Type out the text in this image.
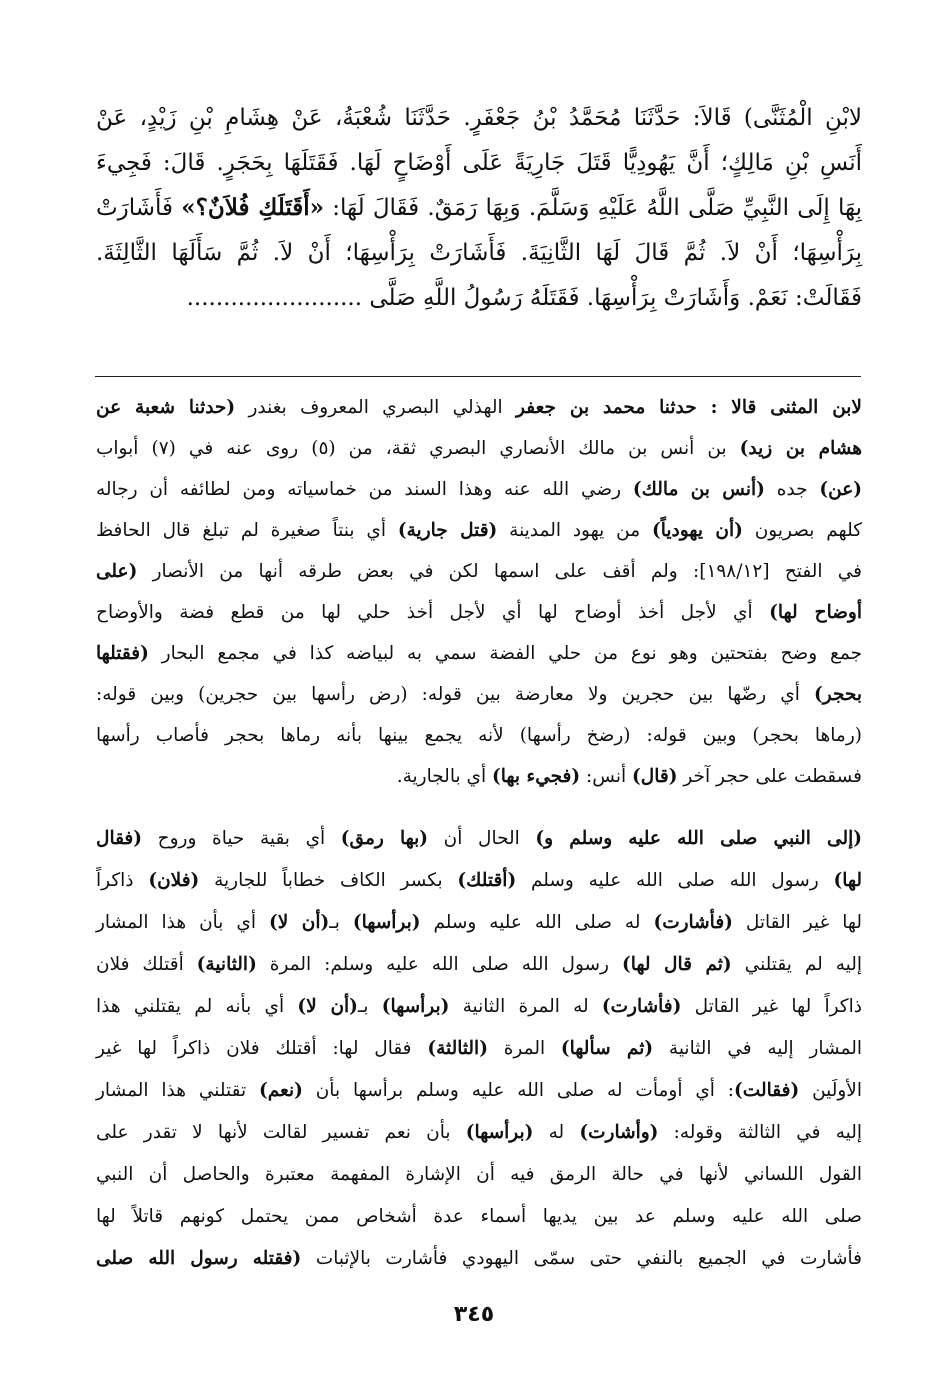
لابْنِ الْمُثَنَّى) قَالاَ: حَدَّثَنَا مُحَمَّدُ بْنُ جَعْفَرٍ. حَدَّثَنَا شُعْبَةُ، عَنْ هِشَامِ بْنِ زَيْدٍ، عَنْ
أَنَسِ بْنِ مَالِكٍ؛ أَنَّ يَهُودِيًّا قَتَلَ جَارِيَةً عَلَى أَوْضَاحٍ لَهَا. فَقَتَلَهَا بِحَجَرٍ. قَالَ: فَجِيءَ
بِهَا إِلَى النَّبِيِّ صَلَّى اللَّهُ عَلَيْهِ وَسَلَّمَ. وَبِهَا رَمَقٌ. فَقَالَ لَهَا: «أَقَتَلَكِ فُلاَنٌ؟» فَأَشَارَتْ
بِرَأْسِهَا؛ أَنْ لاَ. ثُمَّ قَالَ لَهَا الثَّانِيَةَ. فَأَشَارَتْ بِرَأْسِهَا؛ أَنْ لاَ. ثُمَّ سَأَلَهَا الثَّالِثَةَ.
فَقَالَتْ: نَعَمْ. وَأَشَارَتْ بِرَأْسِهَا. فَقَتَلَهُ رَسُولُ اللَّهِ صَلَّى ........................
لابن المثنى قالا : حدثنا محمد بن جعفر الهذلي البصري المعروف بغندر (حدثنا شعبة عن
هشام بن زيد) بن أنس بن مالك الأنصاري البصري ثقة، من (٥) روى عنه في (٧) أبواب
(عن) جده (أنس بن مالك) رضي الله عنه وهذا السند من خماسياته ومن لطائفه أن رجاله
كلهم بصريون (أن يهودياً) من يهود المدينة (قتل جارية) أي بنتاً صغيرة لم تبلغ قال الحافظ
في الفتح [١٩٨/١٢]: ولم أقف على اسمها لكن في بعض طرقه أنها من الأنصار (على
أوضاح لها) أي لأجل أخذ أوضاح لها أي لأجل أخذ حلي لها من قطع فضة والأوضاح
جمع وضح بفتحتين وهو نوع من حلي الفضة سمي به لبياضه كذا في مجمع البحار (فقتلها
بحجر) أي رضّها بين حجرين ولا معارضة بين قوله: (رض رأسها بين حجرين) وبين قوله:
(رماها بحجر) وبين قوله: (رضخ رأسها) لأنه يجمع بينها بأنه رماها بحجر فأصاب رأسها
فسقطت على حجر آخر (قال) أنس: (فجيء بها) أي بالجارية.
(إلى النبي صلى الله عليه وسلم و) الحال أن (بها رمق) أي بقية حياة وروح (فقال
لها) رسول الله صلى الله عليه وسلم (أقتلك) بكسر الكاف خطاباً للجارية (فلان) ذاكراً
لها غير القاتل (فأشارت) له صلى الله عليه وسلم (برأسها) بـ(أن لا) أي بأن هذا المشار
إليه لم يقتلني (ثم قال لها) رسول الله صلى الله عليه وسلم: المرة (الثانية) أقتلك فلان
ذاكراً لها غير القاتل (فأشارت) له المرة الثانية (برأسها) بـ(أن لا) أي بأنه لم يقتلني هذا
المشار إليه في الثانية (ثم سألها) المرة (الثالثة) فقال لها: أقتلك فلان ذاكراً لها غير
الأولَين (فقالت): أي أومأت له صلى الله عليه وسلم برأسها بأن (نعم) تقتلني هذا المشار
إليه في الثالثة وقوله: (وأشارت) له (برأسها) بأن نعم تفسير لقالت لأنها لا تقدر على
القول اللساني لأنها في حالة الرمق فيه أن الإشارة المفهمة معتبرة والحاصل أن النبي
صلى الله عليه وسلم عد بين يديها أسماء عدة أشخاص ممن يحتمل كونهم قاتلاً لها
فأشارت في الجميع بالنفي حتى سمّى اليهودي فأشارت بالإثبات (فقتله رسول الله صلى
٣٤٥
